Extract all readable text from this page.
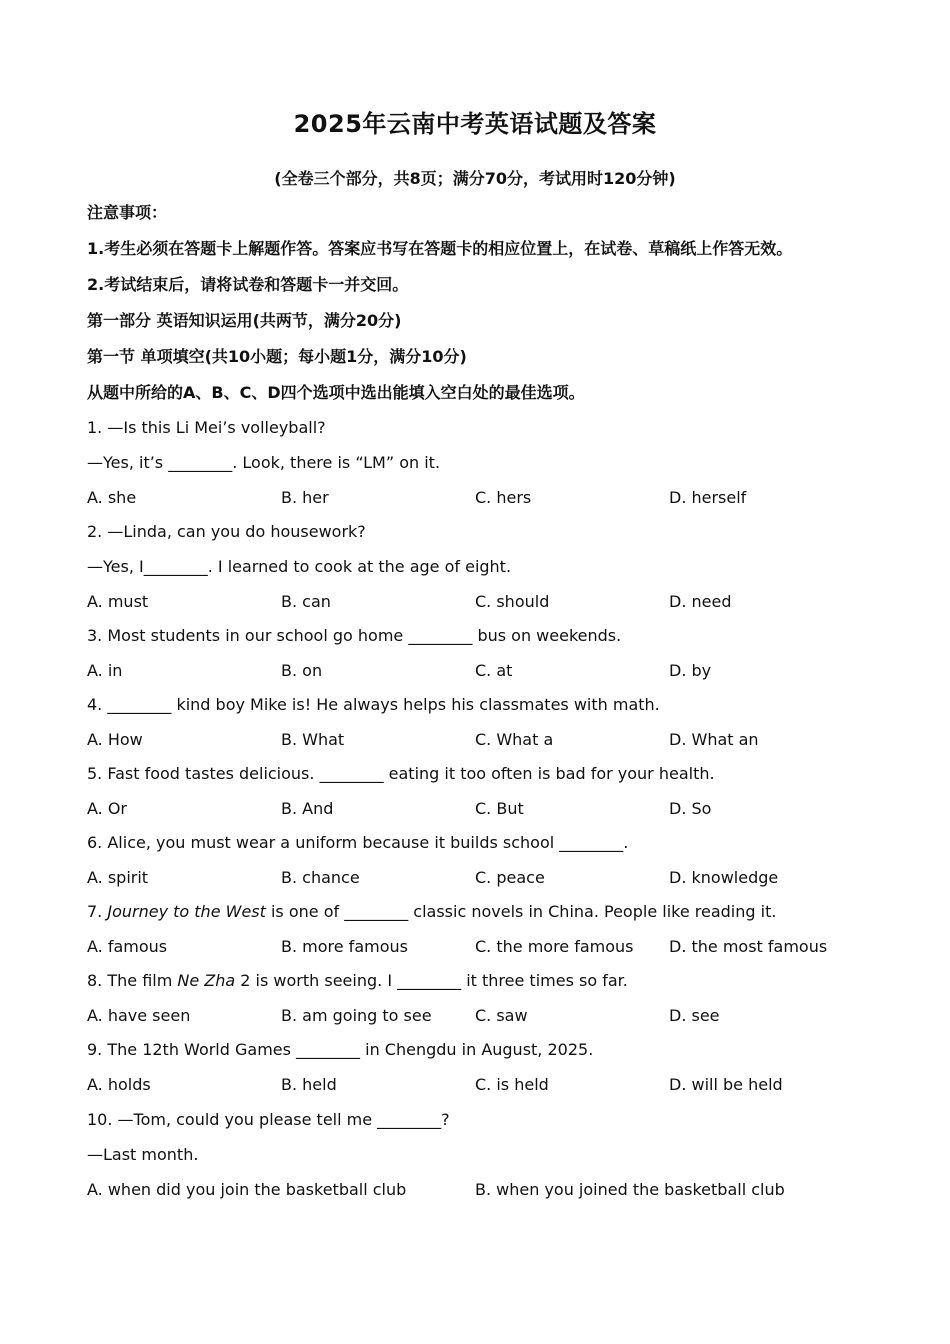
2025年云南中考英语试题及答案
(全卷三个部分，共8页；满分70分，考试用时120分钟)
注意事项：
1.考生必须在答题卡上解题作答。答案应书写在答题卡的相应位置上，在试卷、草稿纸上作答无效。
2.考试结束后，请将试卷和答题卡一并交回。
第一部分 英语知识运用(共两节，满分20分)
第一节 单项填空(共10小题；每小题1分，满分10分)
从题中所给的A、B、C、D四个选项中选出能填入空白处的最佳选项。
1. —Is this Li Mei’s volleyball?
—Yes, it’s ________. Look, there is “LM” on it.
A. she	B. her	C. hers	D. herself
2. —Linda, can you do housework?
—Yes, I________. I learned to cook at the age of eight.
A. must	B. can	C. should	D. need
3. Most students in our school go home ________ bus on weekends.
A. in	B. on	C. at	D. by
4. ________ kind boy Mike is! He always helps his classmates with math.
A. How	B. What	C. What a	D. What an
5. Fast food tastes delicious. ________ eating it too often is bad for your health.
A. Or	B. And	C. But	D. So
6. Alice, you must wear a uniform because it builds school ________.
A. spirit	B. chance	C. peace	D. knowledge
7. Journey to the West is one of ________ classic novels in China. People like reading it.
A. famous	B. more famous	C. the more famous D. the most famous
8. The film Ne Zha 2 is worth seeing. I ________ it three times so far.
A. have seen	B. am going to see	C. saw	D. see
9. The 12th World Games ________ in Chengdu in August, 2025.
A. holds	B. held	C. is held	D. will be held
10. —Tom, could you please tell me ________?
—Last month.
A. when did you join the basketball club	B. when you joined the basketball club
